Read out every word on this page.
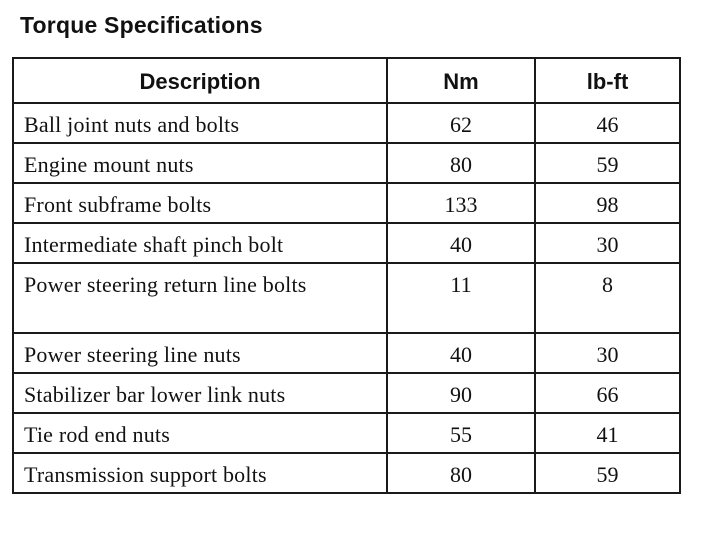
Torque Specifications
Description	Nm	lb-ft
Ball joint nuts and bolts	62	46
Engine mount nuts	80	59
Front subframe bolts	133	98
Intermediate shaft pinch bolt	40	30
Power steering return line bolts	11	8
Power steering line nuts	40	30
Stabilizer bar lower link nuts	90	66
Tie rod end nuts	55	41
Transmission support bolts	80	59
